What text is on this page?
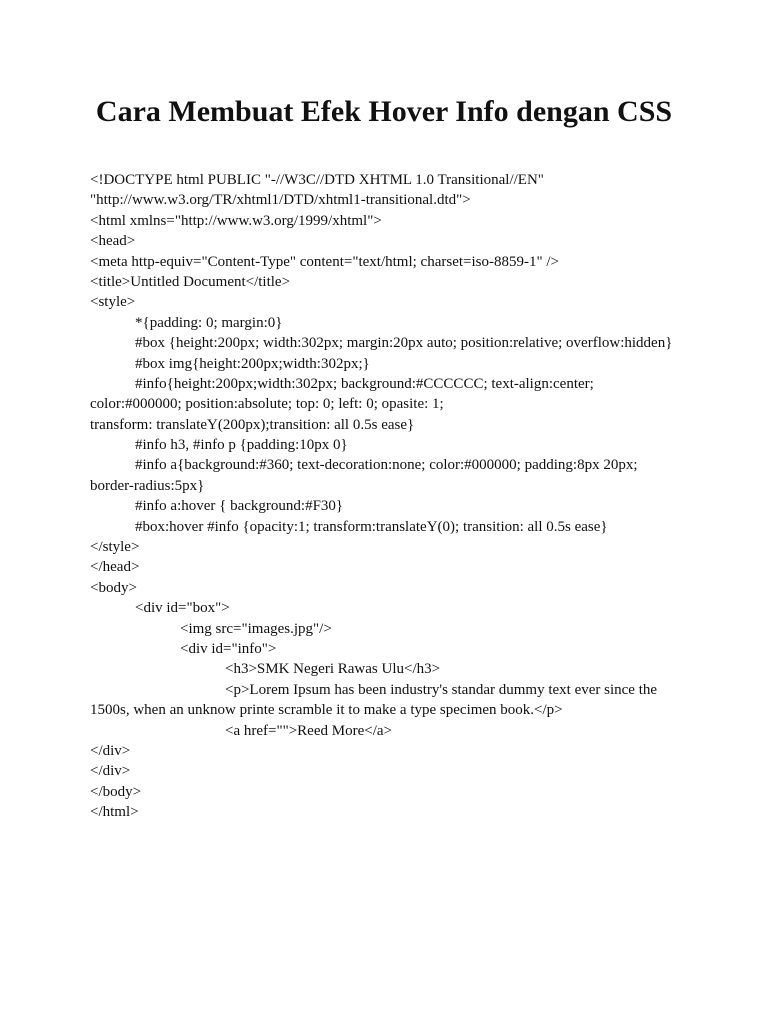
Cara Membuat Efek Hover Info dengan CSS
<!DOCTYPE html PUBLIC "-//W3C//DTD XHTML 1.0 Transitional//EN"
"http://www.w3.org/TR/xhtml1/DTD/xhtml1-transitional.dtd">
<html xmlns="http://www.w3.org/1999/xhtml">
<head>
<meta http-equiv="Content-Type" content="text/html; charset=iso-8859-1" />
<title>Untitled Document</title>
<style>
*{padding: 0; margin:0}
#box {height:200px; width:302px; margin:20px auto; position:relative; overflow:hidden}
#box img{height:200px;width:302px;}
#info{height:200px;width:302px; background:#CCCCCC; text-align:center;
color:#000000; position:absolute; top: 0; left: 0; opasite: 1;
transform: translateY(200px);transition: all 0.5s ease}
#info h3, #info p {padding:10px 0}
#info a{background:#360; text-decoration:none; color:#000000; padding:8px 20px;
border-radius:5px}
#info a:hover { background:#F30}
#box:hover #info {opacity:1; transform:translateY(0); transition: all 0.5s ease}
</style>
</head>
<body>
<div id="box">
<img src="images.jpg"/>
<div id="info">
<h3>SMK Negeri Rawas Ulu</h3>
<p>Lorem Ipsum has been industry's standar dummy text ever since the
1500s, when an unknow printe scramble it to make a type specimen book.</p>
<a href="">Reed More</a>
</div>
</div>
</body>
</html>
